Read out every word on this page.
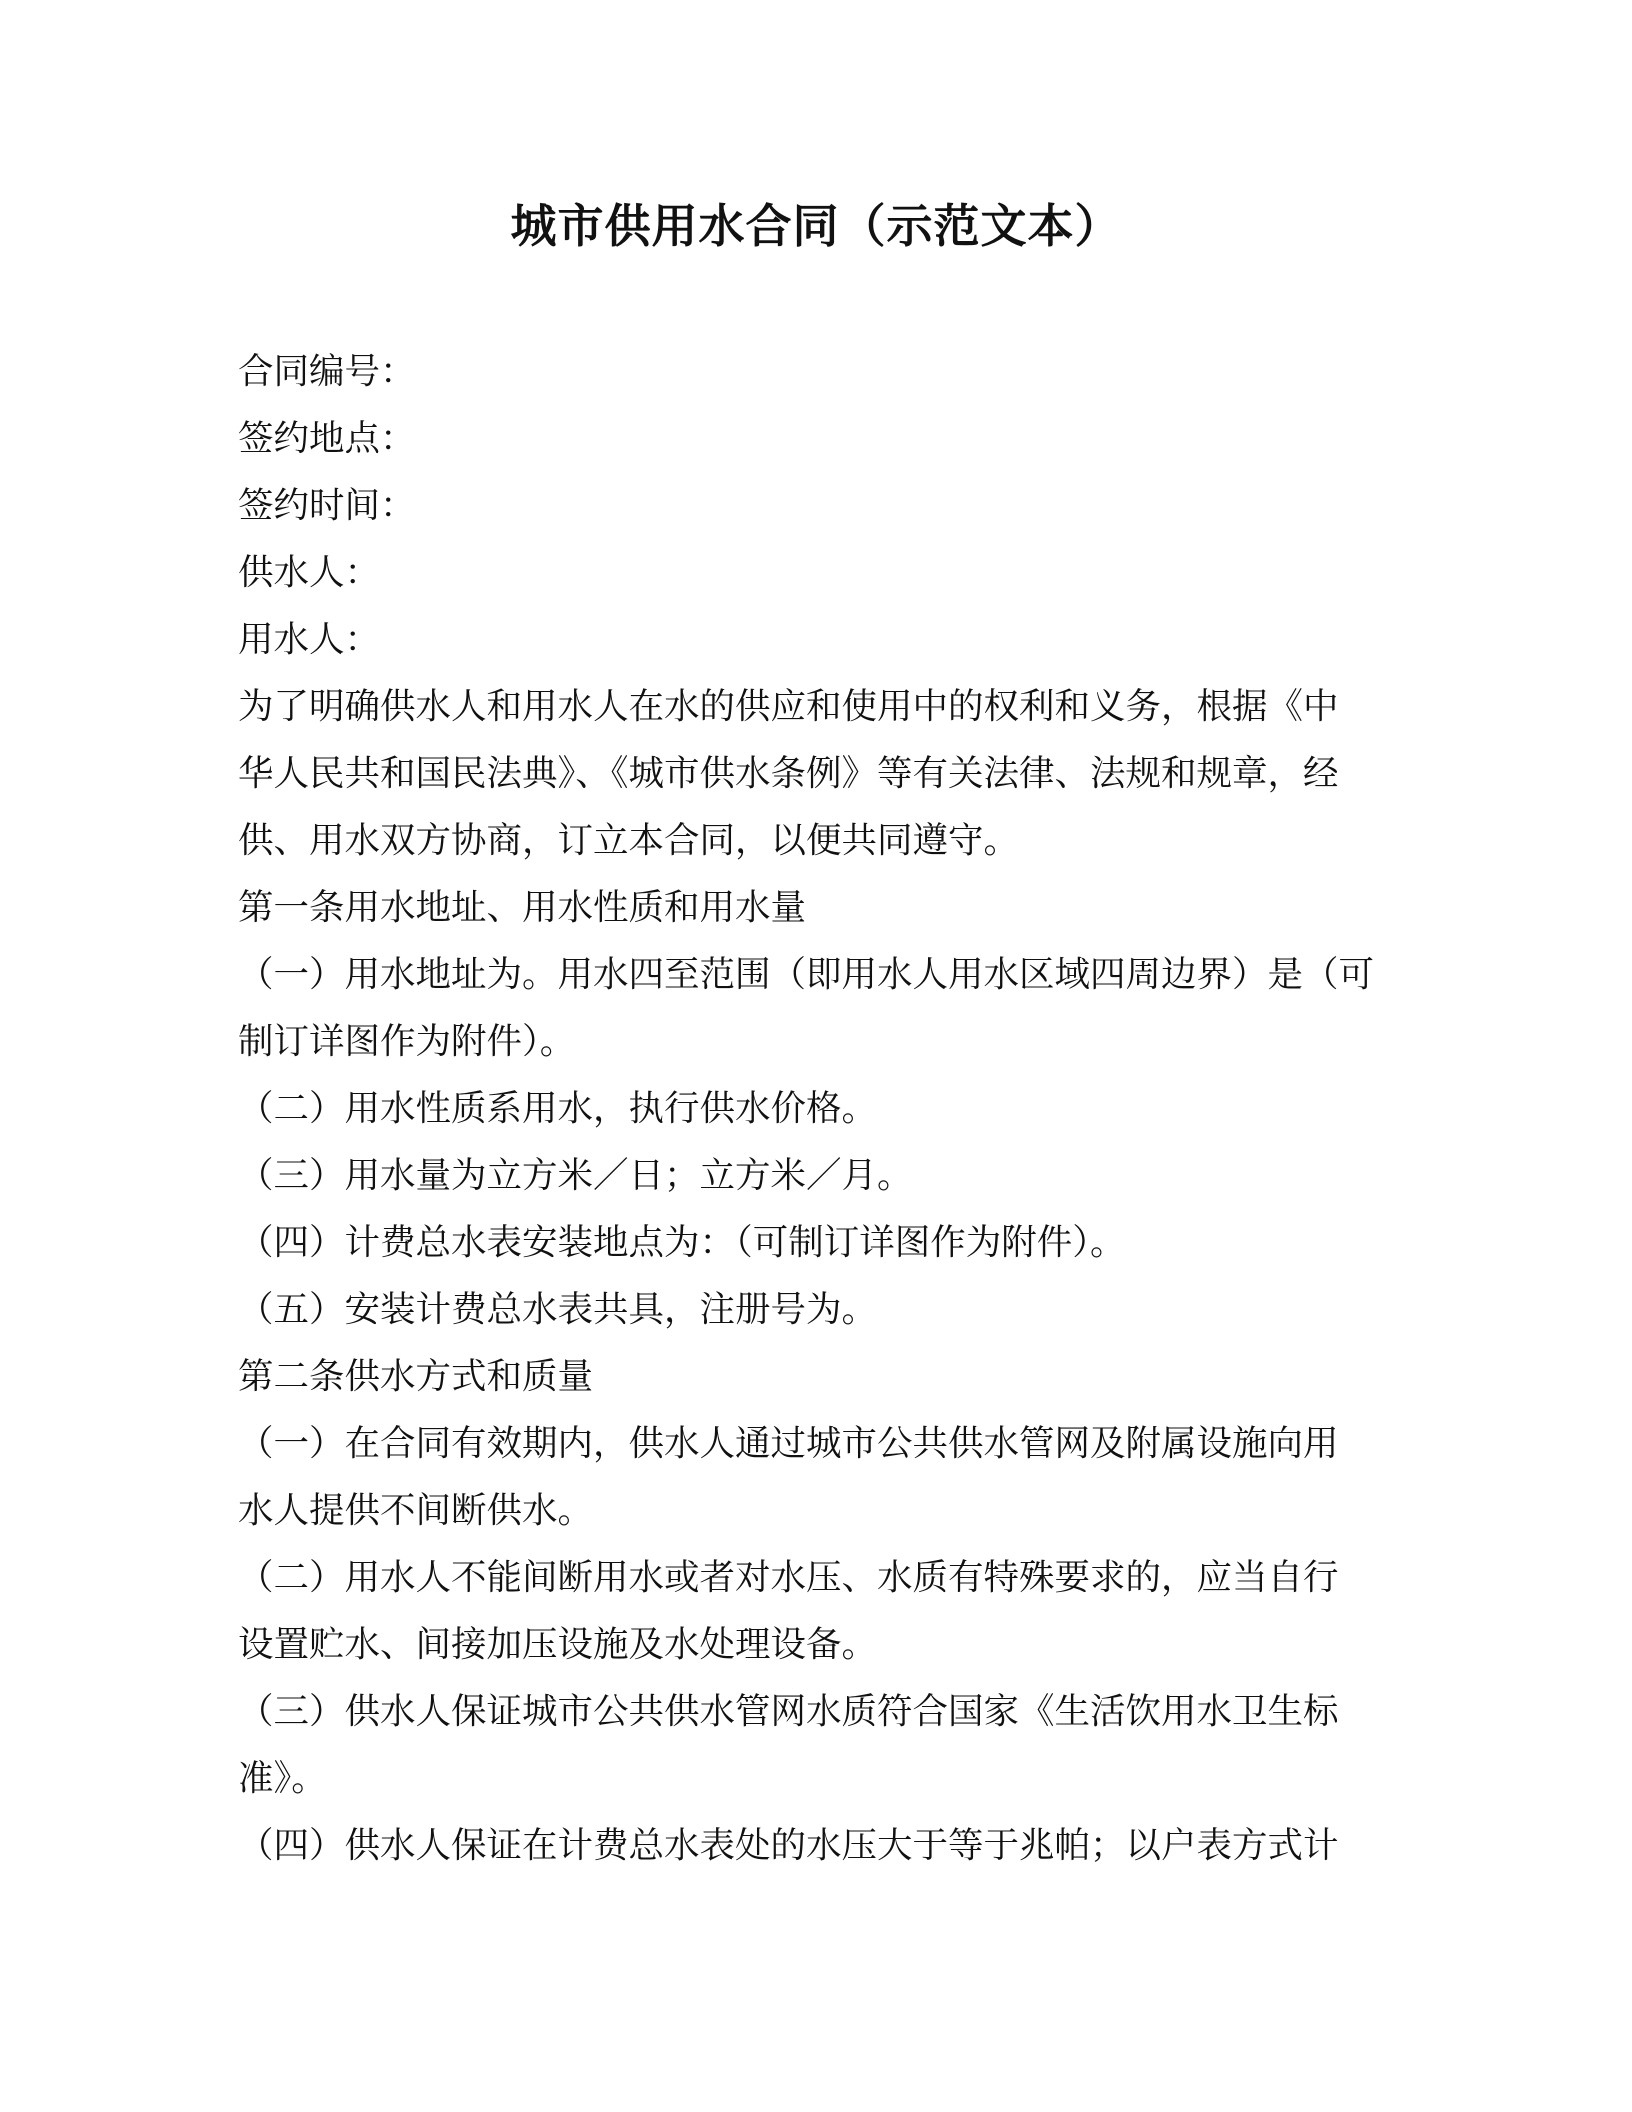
城市供用水合同（示范文本）
合同编号：
签约地点：
签约时间：
供水人：
用水人：
为了明确供水人和用水人在水的供应和使用中的权利和义务，根据《中
华人民共和国民法典》、《城市供水条例》等有关法律、法规和规章，经
供、用水双方协商，订立本合同，以便共同遵守。
第一条用水地址、用水性质和用水量
（一）用水地址为。用水四至范围（即用水人用水区域四周边界）是（可
制订详图作为附件）。
（二）用水性质系用水，执行供水价格。
（三）用水量为立方米／日；立方米／月。
（四）计费总水表安装地点为：（可制订详图作为附件）。
（五）安装计费总水表共具，注册号为。
第二条供水方式和质量
（一）在合同有效期内，供水人通过城市公共供水管网及附属设施向用
水人提供不间断供水。
（二）用水人不能间断用水或者对水压、水质有特殊要求的，应当自行
设置贮水、间接加压设施及水处理设备。
（三）供水人保证城市公共供水管网水质符合国家《生活饮用水卫生标
准》。
（四）供水人保证在计费总水表处的水压大于等于兆帕；以户表方式计
